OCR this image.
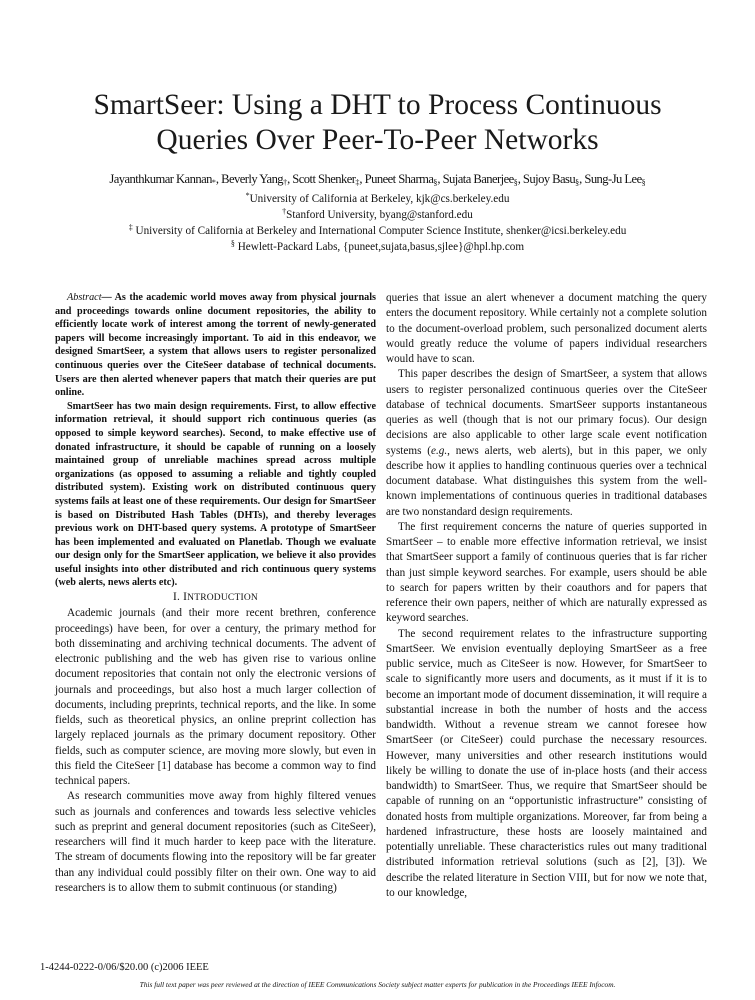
SmartSeer: Using a DHT to Process Continuous
Queries Over Peer-To-Peer Networks
Jayanthkumar Kannan$_*$, Beverly Yang$_\dagger$, Scott Shenker$_\ddagger$, Puneet Sharma$_\S$, Sujata Banerjee$_\S$, Sujoy Basu$_\S$, Sung-Ju Lee$_\S$
*University of California at Berkeley, kjk@cs.berkeley.edu
†Stanford University, byang@stanford.edu
‡ University of California at Berkeley and International Computer Science Institute, shenker@icsi.berkeley.edu
§ Hewlett-Packard Labs, {puneet,sujata,basus,sjlee}@hpl.hp.com

Abstract— As the academic world moves away from physical journals and proceedings towards online document repositories, the ability to efficiently locate work of interest among the torrent of newly-generated papers will become increasingly important. To aid in this endeavor, we designed SmartSeer, a system that allows users to register personalized continuous queries over the CiteSeer database of technical documents. Users are then alerted whenever papers that match their queries are put online.

SmartSeer has two main design requirements. First, to allow effective information retrieval, it should support rich continuous queries (as opposed to simple keyword searches). Second, to make effective use of donated infrastructure, it should be capable of running on a loosely maintained group of unreliable machines spread across multiple organizations (as opposed to assuming a reliable and tightly coupled distributed system). Existing work on distributed continuous query systems fails at least one of these requirements. Our design for SmartSeer is based on Distributed Hash Tables (DHTs), and thereby leverages previous work on DHT-based query systems. A prototype of SmartSeer has been implemented and evaluated on Planetlab. Though we evaluate our design only for the SmartSeer application, we believe it also provides useful insights into other distributed and rich continuous query systems (web alerts, news alerts etc).

I. INTRODUCTION

Academic journals (and their more recent brethren, conference proceedings) have been, for over a century, the primary method for both disseminating and archiving technical documents. The advent of electronic publishing and the web has given rise to various online document repositories that contain not only the electronic versions of journals and proceedings, but also host a much larger collection of documents, including preprints, technical reports, and the like. In some fields, such as theoretical physics, an online preprint collection has largely replaced journals as the primary document repository. Other fields, such as computer science, are moving more slowly, but even in this field the CiteSeer [1] database has become a common way to find technical papers.

As research communities move away from highly filtered venues such as journals and conferences and towards less selective vehicles such as preprint and general document repositories (such as CiteSeer), researchers will find it much harder to keep pace with the literature. The stream of documents flowing into the repository will be far greater than any individual could possibly filter on their own. One way to aid researchers is to allow them to submit continuous (or standing)

queries that issue an alert whenever a document matching the query enters the document repository. While certainly not a complete solution to the document-overload problem, such personalized document alerts would greatly reduce the volume of papers individual researchers would have to scan.

This paper describes the design of SmartSeer, a system that allows users to register personalized continuous queries over the CiteSeer database of technical documents. SmartSeer supports instantaneous queries as well (though that is not our primary focus). Our design decisions are also applicable to other large scale event notification systems (e.g., news alerts, web alerts), but in this paper, we only describe how it applies to handling continuous queries over a technical document database. What distinguishes this system from the well-known implementations of continuous queries in traditional databases are two nonstandard design requirements.

The first requirement concerns the nature of queries supported in SmartSeer – to enable more effective information retrieval, we insist that SmartSeer support a family of continuous queries that is far richer than just simple keyword searches. For example, users should be able to search for papers written by their coauthors and for papers that reference their own papers, neither of which are naturally expressed as keyword searches.

The second requirement relates to the infrastructure supporting SmartSeer. We envision eventually deploying SmartSeer as a free public service, much as CiteSeer is now. However, for SmartSeer to scale to significantly more users and documents, as it must if it is to become an important mode of document dissemination, it will require a substantial increase in both the number of hosts and the access bandwidth. Without a revenue stream we cannot foresee how SmartSeer (or CiteSeer) could purchase the necessary resources. However, many universities and other research institutions would likely be willing to donate the use of in-place hosts (and their access bandwidth) to SmartSeer. Thus, we require that SmartSeer should be capable of running on an “opportunistic infrastructure” consisting of donated hosts from multiple organizations. Moreover, far from being a hardened infrastructure, these hosts are loosely maintained and potentially unreliable. These characteristics rules out many traditional distributed information retrieval solutions (such as [2], [3]). We describe the related literature in Section VIII, but for now we note that, to our knowledge,

1-4244-0222-0/06/$20.00 (c)2006 IEEE
This full text paper was peer reviewed at the direction of IEEE Communications Society subject matter experts for publication in the Proceedings IEEE Infocom.
